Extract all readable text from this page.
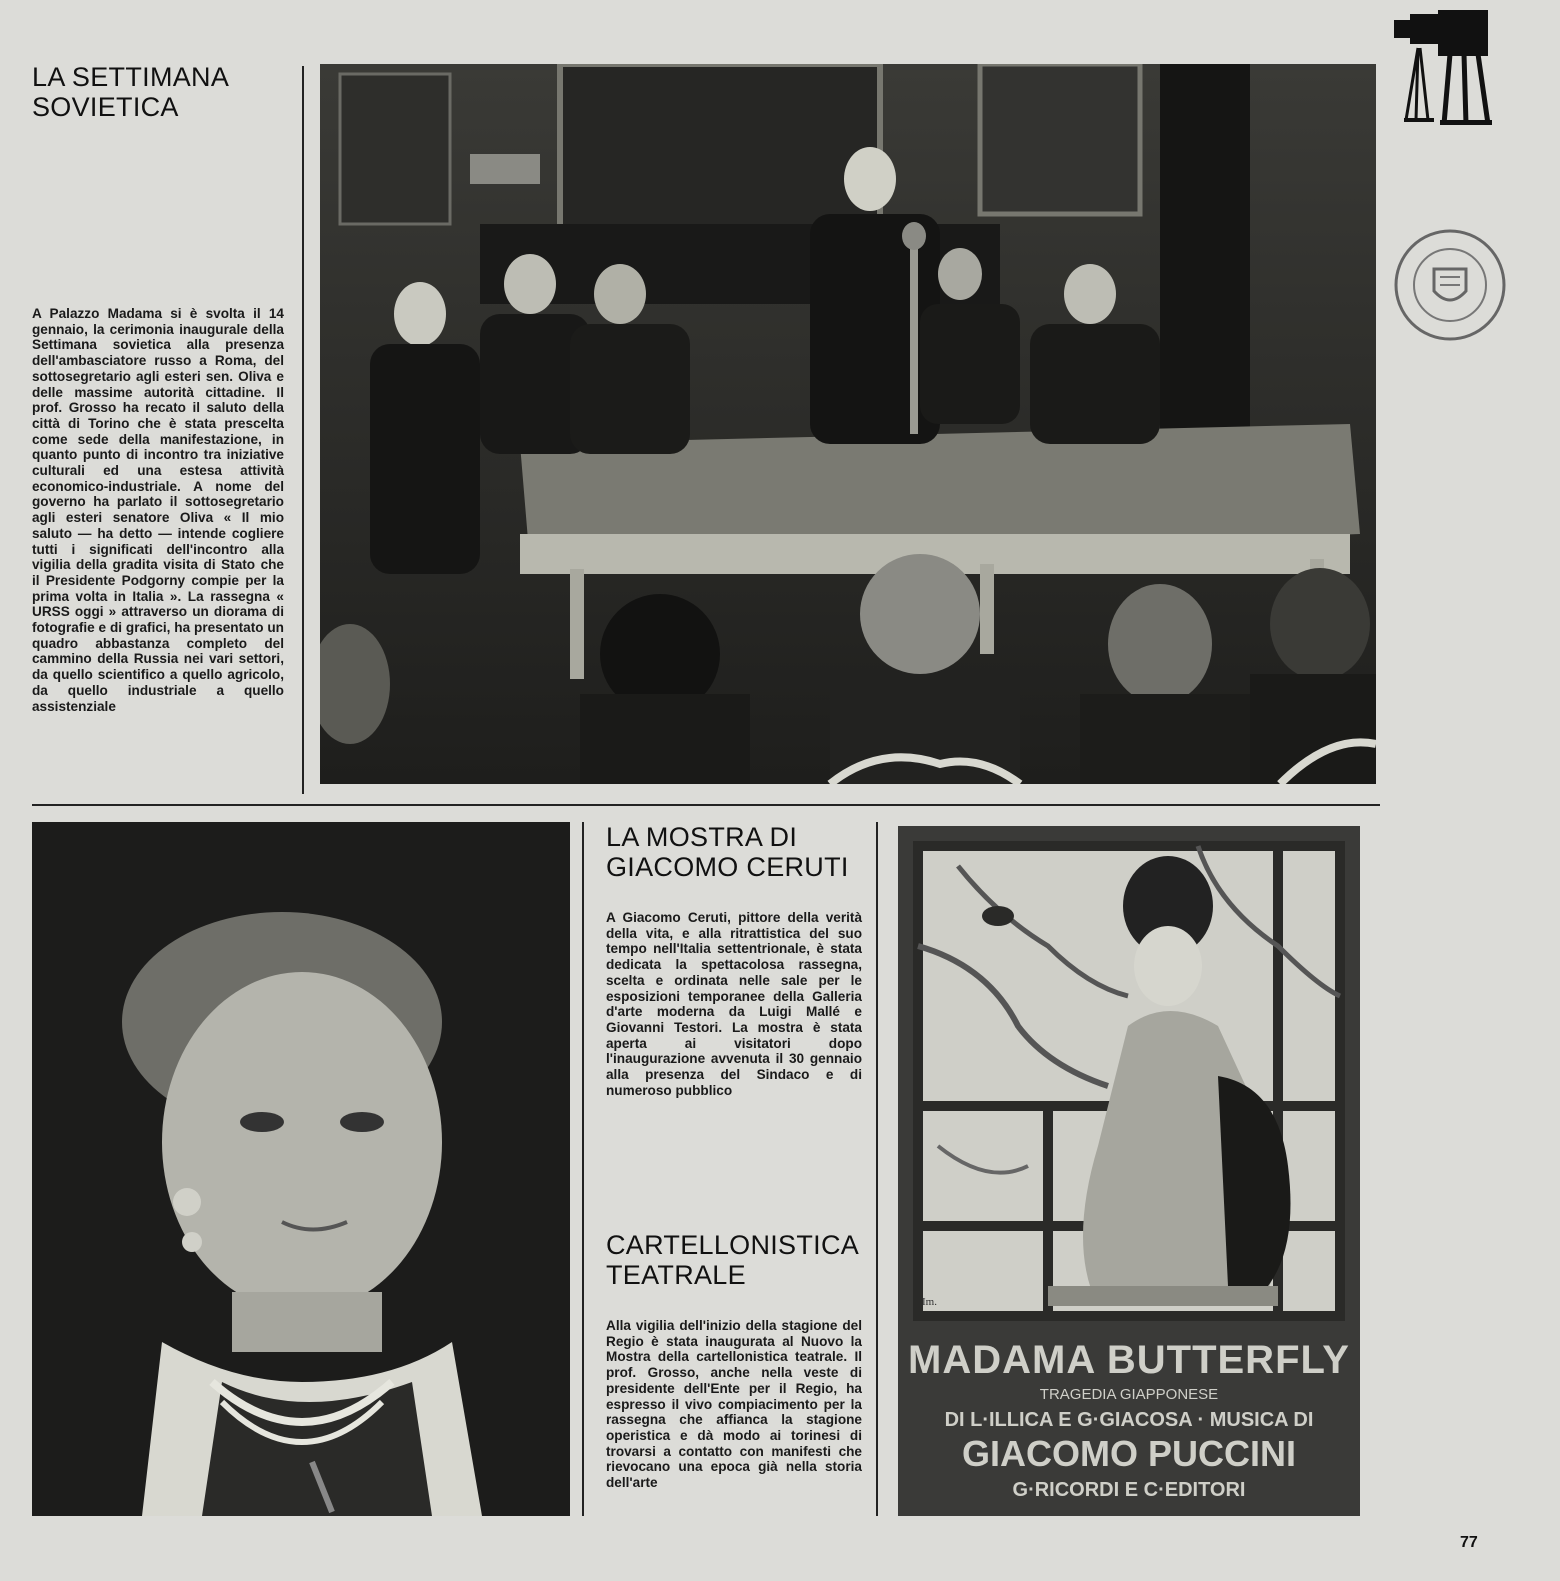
LA SETTIMANA
SOVIETICA

A Palazzo Madama si è svolta il 14 gennaio, la cerimonia inaugurale della Settimana sovietica alla presenza dell'ambasciatore russo a Roma, del sottosegretario agli esteri sen. Oliva e delle massime autorità cittadine. Il prof. Grosso ha recato il saluto della città di Torino che è stata prescelta come sede della manifestazione, in quanto punto di incontro tra iniziative culturali ed una estesa attività economico-industriale. A nome del governo ha parlato il sottosegretario agli esteri senatore Oliva « Il mio saluto — ha detto — intende cogliere tutti i significati dell'incontro alla vigilia della gradita visita di Stato che il Presidente Podgorny compie per la prima volta in Italia ». La rassegna « URSS oggi » attraverso un diorama di fotografie e di grafici, ha presentato un quadro abbastanza completo del cammino della Russia nei vari settori, da quello scientifico a quello agricolo, da quello industriale a quello assistenziale

LA MOSTRA DI
GIACOMO CERUTI

A Giacomo Ceruti, pittore della verità della vita, e alla ritrattistica del suo tempo nell'Italia settentrionale, è stata dedicata la spettacolosa rassegna, scelta e ordinata nelle sale per le esposizioni temporanee della Galleria d'arte moderna da Luigi Mallé e Giovanni Testori. La mostra è stata aperta ai visitatori dopo l'inaugurazione avvenuta il 30 gennaio alla presenza del Sindaco e di numeroso pubblico

CARTELLONISTICA
TEATRALE

Alla vigilia dell'inizio della stagione del Regio è stata inaugurata al Nuovo la Mostra della cartellonistica teatrale. Il prof. Grosso, anche nella veste di presidente dell'Ente per il Regio, ha espresso il vivo compiacimento per la rassegna che affianca la stagione operistica e dà modo ai torinesi di trovarsi a contatto con manifesti che rievocano una epoca già nella storia dell'arte

MADAMA BUTTERFLY
TRAGEDIA GIAPPONESE
DI L·ILLICA E G·GIACOSA · MUSICA DI
GIACOMO PUCCINI
G·RICORDI E C·EDITORI
Im.
77
